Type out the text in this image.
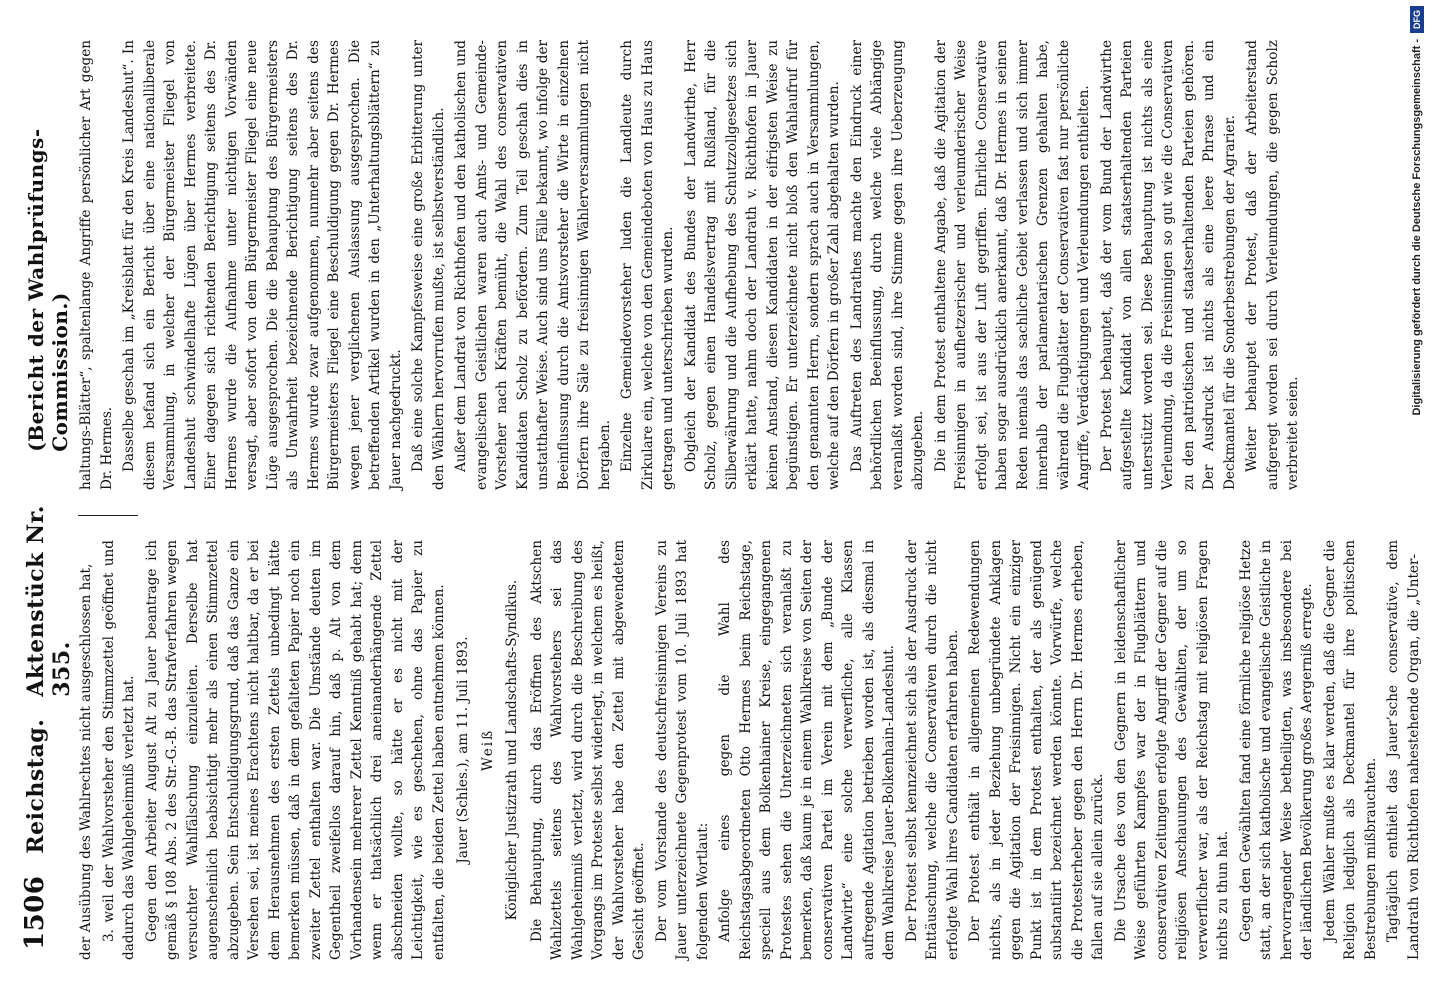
1506
Reichstag.
Aktenstück Nr. 355.
(Bericht der Wahlprüfungs-Commission.)

der Ausübung des Wahlrechtes nicht ausgeschlossen hat, 3. weil der Wahlvorsteher den Stimmzettel geöffnet und dadurch das Wahlgeheimniß verletzt hat. Gegen den Arbeiter August Alt zu Jauer beantrage ich gemäß § 108 Abs. 2 des Str.-G.-B. das Strafverfahren wegen versuchter Wahlfälschung einzuleiten. Derselbe hat augenscheinlich beabsichtigt mehr als einen Stimmzettel abzugeben. Sein Entschuldigungsgrund, daß das Ganze ein Versehen sei, ist meines Erachtens nicht haltbar, da er bei dem Herausnehmen des ersten Zettels unbedingt hätte bemerken müssen, daß in dem gefalteten Papier noch ein zweiter Zettel enthalten war. Die Umstände deuten im Gegentheil zweifellos darauf hin, daß p. Alt von dem Vorhandensein mehrerer Zettel Kenntniß gehabt hat; denn wenn er thatsächlich drei aneinanderhängende Zettel abschneiden wollte, so hätte er es nicht mit der Leichtigkeit, wie es geschehen, ohne das Papier zu entfalten, die beiden Zettel haben entnehmen können. Jauer (Schles.), am 11. Juli 1893. Weiß Königlicher Justizrath und Landschafts-Syndikus. Die Behauptung, durch das Eröffnen des Aktschen Wahlzettels seitens des Wahlvorstehers sei das Wahlgeheimniß verletzt, wird durch die Beschreibung des Vorgangs im Proteste selbst widerlegt, in welchem es heißt, der Wahlvorsteher habe den Zettel mit abgewendetem Gesicht geöffnet. Der vom Vorstande des deutschfreisinnigen Vereins zu Jauer unterzeichnete Gegenprotest vom 10. Juli 1893 hat folgenden Wortlaut: Anfolge eines gegen die Wahl des Reichstagsabgeordneten Otto Hermes beim Reichstage, speciell aus dem Bolkenhainer Kreise, eingegangenen Protestes sehen die Unterzeichneten sich veranlaßt zu bemerken, daß kaum je in einem Wahlkreise von Seiten der conservativen Partei im Verein mit dem „Bunde der Landwirte“ eine solche verwerfliche, alle Klassen aufregende Agitation betrieben worden ist, als diesmal in dem Wahlkreise Jauer-Bolkenhain-Landeshut. Der Protest selbst kennzeichnet sich als der Ausdruck der Enttäuschung, welche die Conservativen durch die nicht erfolgte Wahl ihres Candidaten erfahren haben. Der Protest enthält in allgemeinen Redewendungen nichts, als in jeder Beziehung unbegründete Anklagen gegen die Agitation der Freisinnigen. Nicht ein einziger Punkt ist in dem Protest enthalten, der als genügend substantiirt bezeichnet werden könnte. Vorwürfe, welche die Protesterheber gegen den Herrn Dr. Hermes erheben, fallen auf sie allein zurück. Die Ursache des von den Gegnern in leidenschaftlicher Weise geführten Kampfes war der in Flugblättern und conservativen Zeitungen erfolgte Angriff der Gegner auf die religiösen Anschauungen des Gewählten, der um so verwerflicher war, als der Reichstag mit religiösen Fragen nichts zu thun hat. Gegen den Gewählten fand eine förmliche religiöse Hetze statt, an der sich katholische und evangelische Geistliche in hervorragender Weise betheiligten, was insbesondere bei der ländlichen Bevölkerung großes Aergerniß erregte. Jedem Wähler mußte es klar werden, daß die Gegner die Religion lediglich als Deckmantel für ihre politischen Bestrebungen mißbrauchten. Tagtäglich enthielt das Jauer’sche conservative, dem Landrath von Richthofen nahestehende Organ, die „Unter-

haltungs-Blätter“, spaltenlange Angriffe persönlicher Art gegen Dr. Hermes. Dasselbe geschah im „Kreisblatt für den Kreis Landeshut“. In diesem befand sich ein Bericht über eine nationalliberale Versammlung, in welcher der Bürgermeister Fliegel von Landeshut schwindelhafte Lügen über Hermes verbreitete. Einer dagegen sich richtenden Berichtigung seitens des Dr. Hermes wurde die Aufnahme unter nichtigen Vorwänden versagt, aber sofort von dem Bürgermeister Fliegel eine neue Lüge ausgesprochen. Die die Behauptung des Bürgermeisters als Unwahrheit bezeichnende Berichtigung seitens des Dr. Hermes wurde zwar aufgenommen, nunmehr aber seitens des Bürgermeisters Fliegel eine Beschuldigung gegen Dr. Hermes wegen jener verglichenen Auslassung ausgesprochen. Die betreffenden Artikel wurden in den „Unterhaltungsblättern“ zu Jauer nachgedruckt. Daß eine solche Kampfesweise eine große Erbitterung unter den Wählern hervorrufen mußte, ist selbstverständlich. Außer dem Landrat von Richthofen und den katholischen und evangelischen Geistlichen waren auch Amts- und Gemeinde-Vorsteher nach Kräften bemüht, die Wahl des conservativen Kandidaten Scholz zu befördern. Zum Teil geschah dies in unstatthafter Weise. Auch sind uns Fälle bekannt, wo infolge der Beeinflussung durch die Amtsvorsteher die Wirte in einzelnen Dörfern ihre Säle zu freisinnigen Wählerversammlungen nicht hergaben. Einzelne Gemeindevorsteher luden die Landleute durch Zirkulare ein, welche von den Gemeindeboten von Haus zu Haus getragen und unterschrieben wurden. Obgleich der Kandidat des Bundes der Landwirthe, Herr Scholz, gegen einen Handelsvertrag mit Rußland, für die Silberwährung und die Aufhebung des Schutzzollgesetzes sich erklärt hatte, nahm doch der Landrath v. Richthofen in Jauer keinen Anstand, diesen Kandidaten in der eifrigsten Weise zu begünstigen. Er unterzeichnete nicht bloß den Wahlaufruf für den genannten Herrn, sondern sprach auch in Versammlungen, welche auf den Dörfern in großer Zahl abgehalten wurden. Das Auftreten des Landrathes machte den Eindruck einer behördlichen Beeinflussung, durch welche viele Abhängige veranlaßt worden sind, ihre Stimme gegen ihre Ueberzeugung abzugeben. Die in dem Protest enthaltene Angabe, daß die Agitation der Freisinnigen in aufhetzerischer und verleumderischer Weise erfolgt sei, ist aus der Luft gegriffen. Ehrliche Conservative haben sogar ausdrücklich anerkannt, daß Dr. Hermes in seinen Reden niemals das sachliche Gebiet verlassen und sich immer innerhalb der parlamentarischen Grenzen gehalten habe, während die Flugblätter der Conservativen fast nur persönliche Angriffe, Verdächtigungen und Verleumdungen enthielten. Der Protest behauptet, daß der vom Bund der Landwirthe aufgestellte Kandidat von allen staatserhaltenden Parteien unterstützt worden sei. Diese Behauptung ist nichts als eine Verleumdung, da die Freisinnigen so gut wie die Conservativen zu den patriotischen und staatserhaltenden Parteien gehören. Der Ausdruck ist nichts als eine leere Phrase und ein Deckmantel für die Sonderbestrebungen der Agrarier. Weiter behauptet der Protest, daß der Arbeiterstand aufgeregt worden sei durch Verleumdungen, die gegen Scholz verbreitet seien.

Digitalisierung gefördert durch die Deutsche Forschungsgemeinschaft -
DFG
